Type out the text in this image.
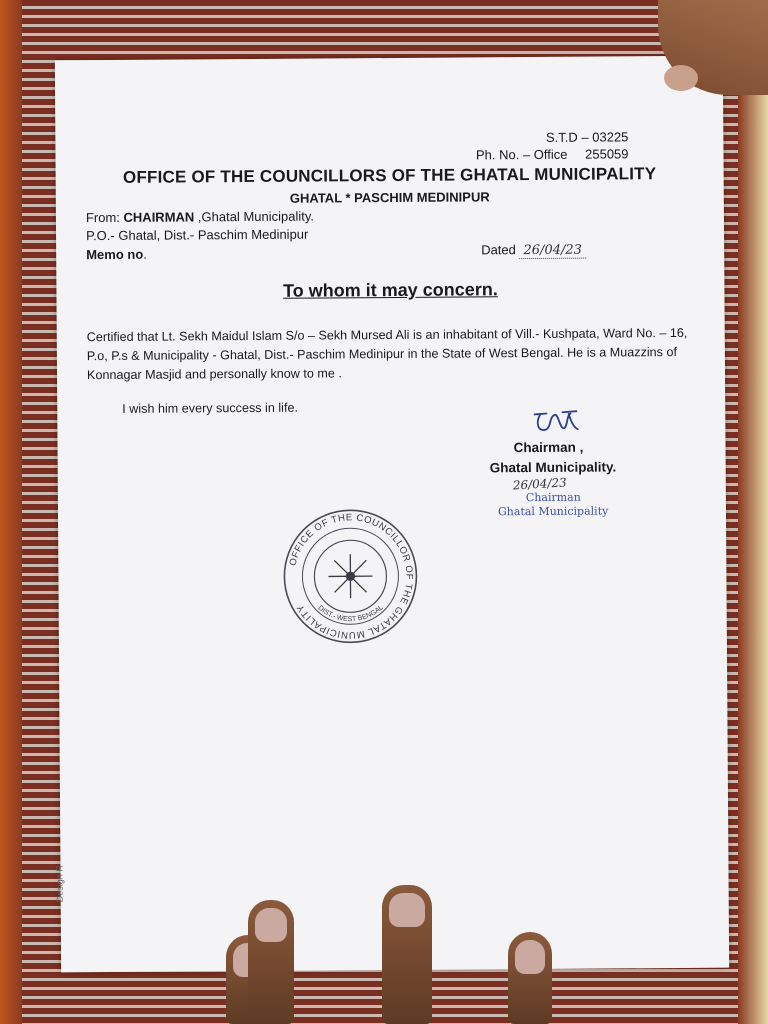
S.T.D – 03225
Ph. No. – Office 255059
OFFICE OF THE COUNCILLORS OF THE GHATAL MUNICIPALITY
GHATAL * PASCHIM MEDINIPUR
From: CHAIRMAN ,Ghatal Municipality.
P.O.- Ghatal, Dist.- Paschim Medinipur
Memo no.	Dated 26/04/23
To whom it may concern.
Certified that Lt. Sekh Maidul Islam S/o – Sekh Mursed Ali is an inhabitant of Vill.- Kushpata, Ward No. – 16, P.o, P.s & Municipality - Ghatal, Dist.- Paschim Medinipur in the State of West Bengal. He is a Muazzins of Konnagar Masjid and personally know to me .
I wish him every success in life.
Chairman ,
Ghatal Municipality.
26/04/23
Chairman
Ghatal Municipality
OFFICE OF THE COUNCILLOR OF THE GHATAL MUNICIPALITY	DIST.- WEST BENGAL
Design R
